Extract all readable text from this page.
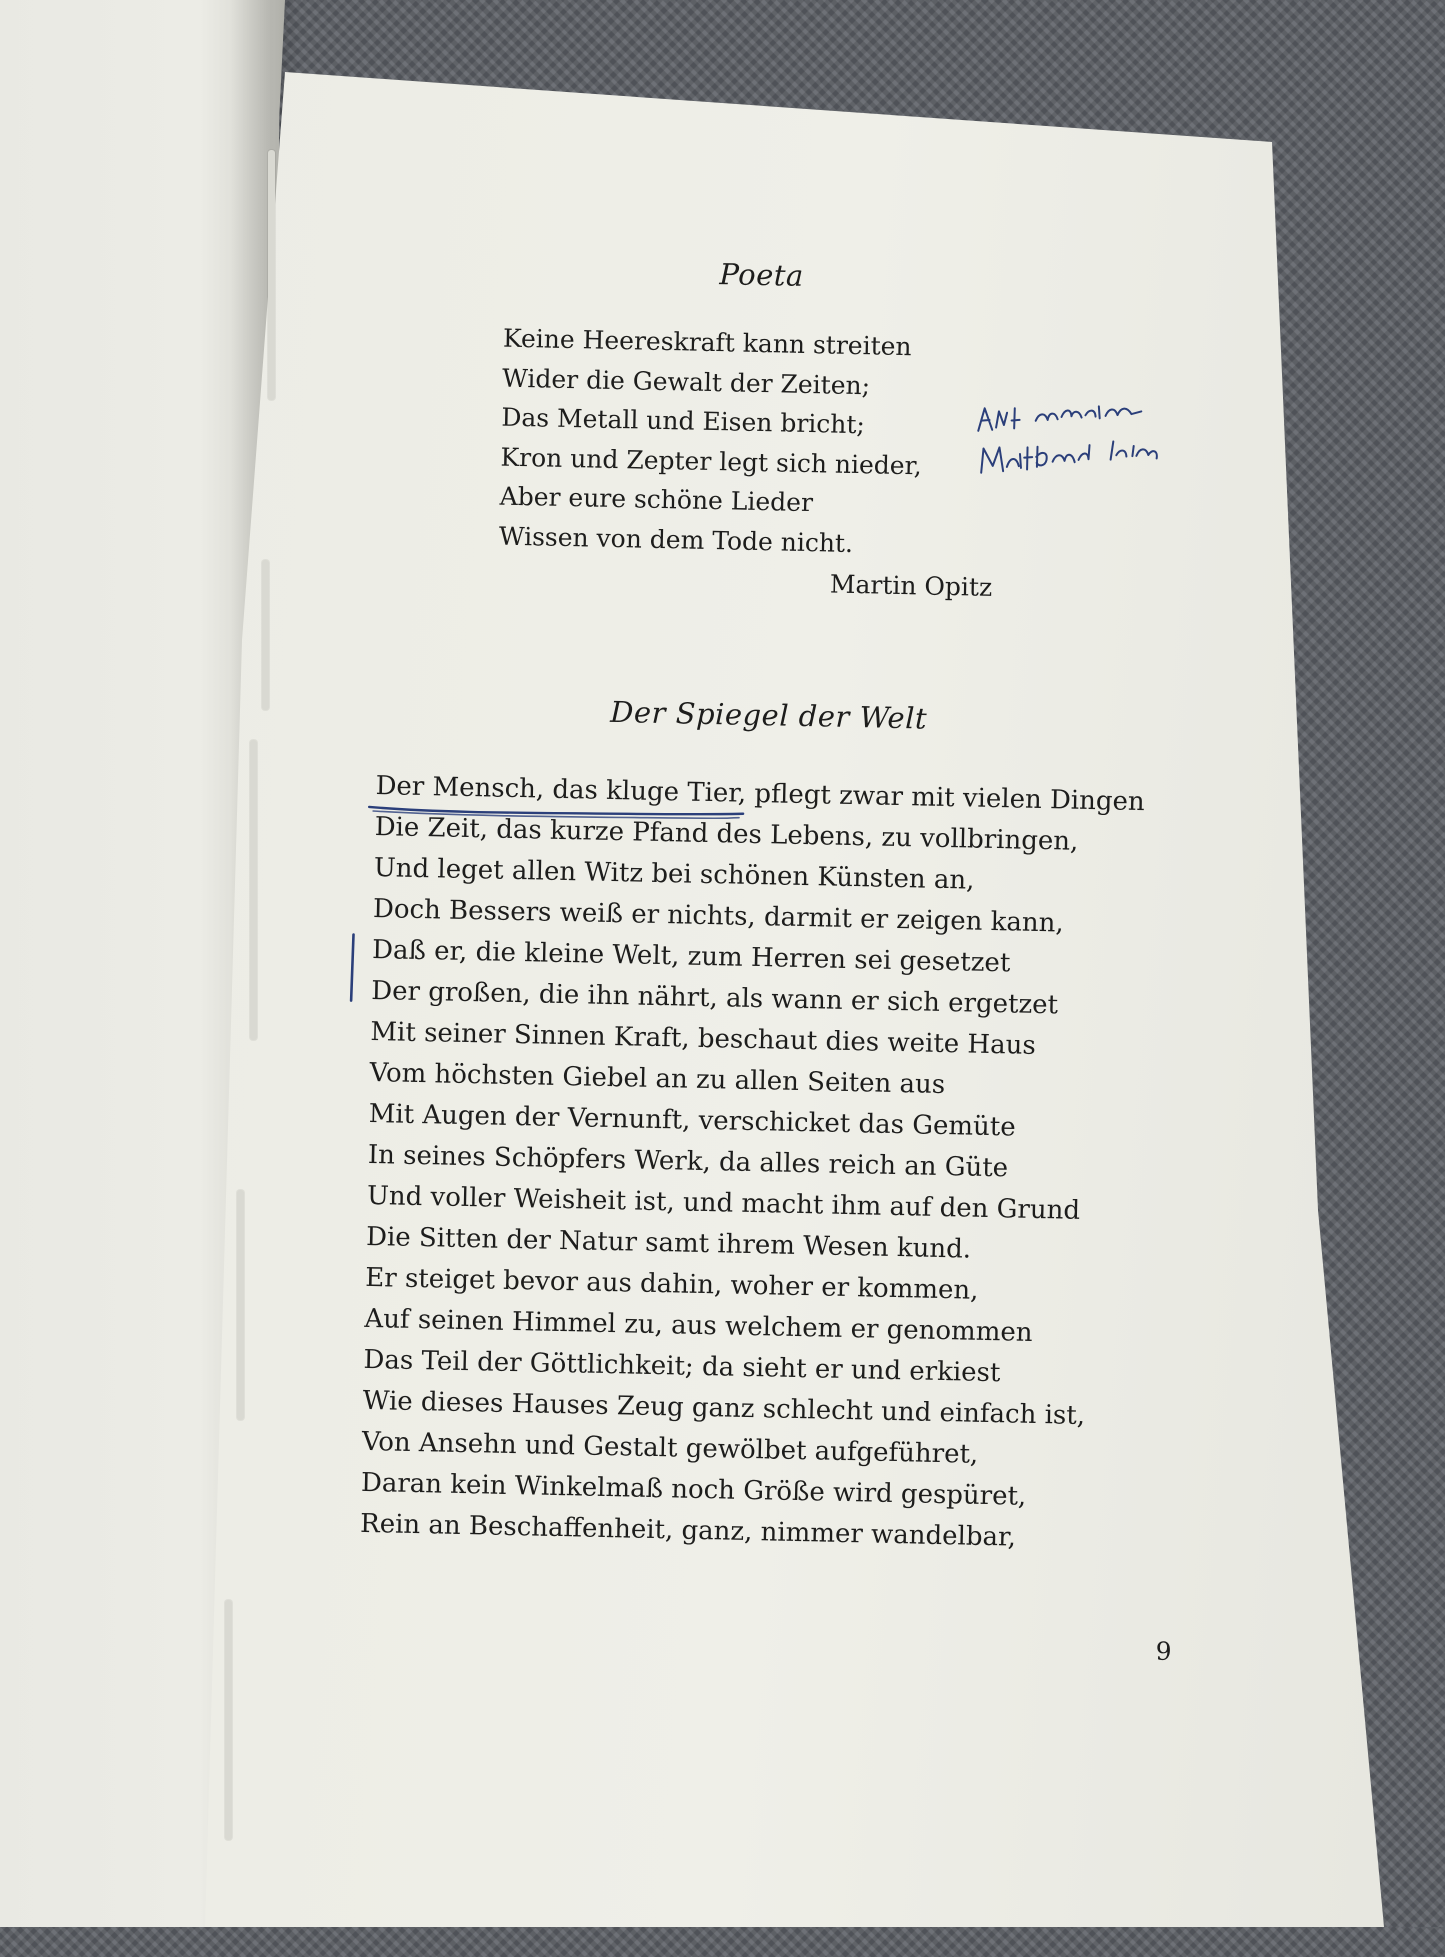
Poeta
Keine Heereskraft kann streiten
Wider die Gewalt der Zeiten;
Das Metall und Eisen bricht;
Kron und Zepter legt sich nieder,
Aber eure schöne Lieder
Wissen von dem Tode nicht.
Martin Opitz
Der Spiegel der Welt
Der Mensch, das kluge Tier, pflegt zwar mit vielen Dingen
Die Zeit, das kurze Pfand des Lebens, zu vollbringen,
Und leget allen Witz bei schönen Künsten an,
Doch Bessers weiß er nichts, darmit er zeigen kann,
Daß er, die kleine Welt, zum Herren sei gesetzet
Der großen, die ihn nährt, als wann er sich ergetzet
Mit seiner Sinnen Kraft, beschaut dies weite Haus
Vom höchsten Giebel an zu allen Seiten aus
Mit Augen der Vernunft, verschicket das Gemüte
In seines Schöpfers Werk, da alles reich an Güte
Und voller Weisheit ist, und macht ihm auf den Grund
Die Sitten der Natur samt ihrem Wesen kund.
Er steiget bevor aus dahin, woher er kommen,
Auf seinen Himmel zu, aus welchem er genommen
Das Teil der Göttlichkeit; da sieht er und erkiest
Wie dieses Hauses Zeug ganz schlecht und einfach ist,
Von Ansehn und Gestalt gewölbet aufgeführet,
Daran kein Winkelmaß noch Größe wird gespüret,
Rein an Beschaffenheit, ganz, nimmer wandelbar,
9
